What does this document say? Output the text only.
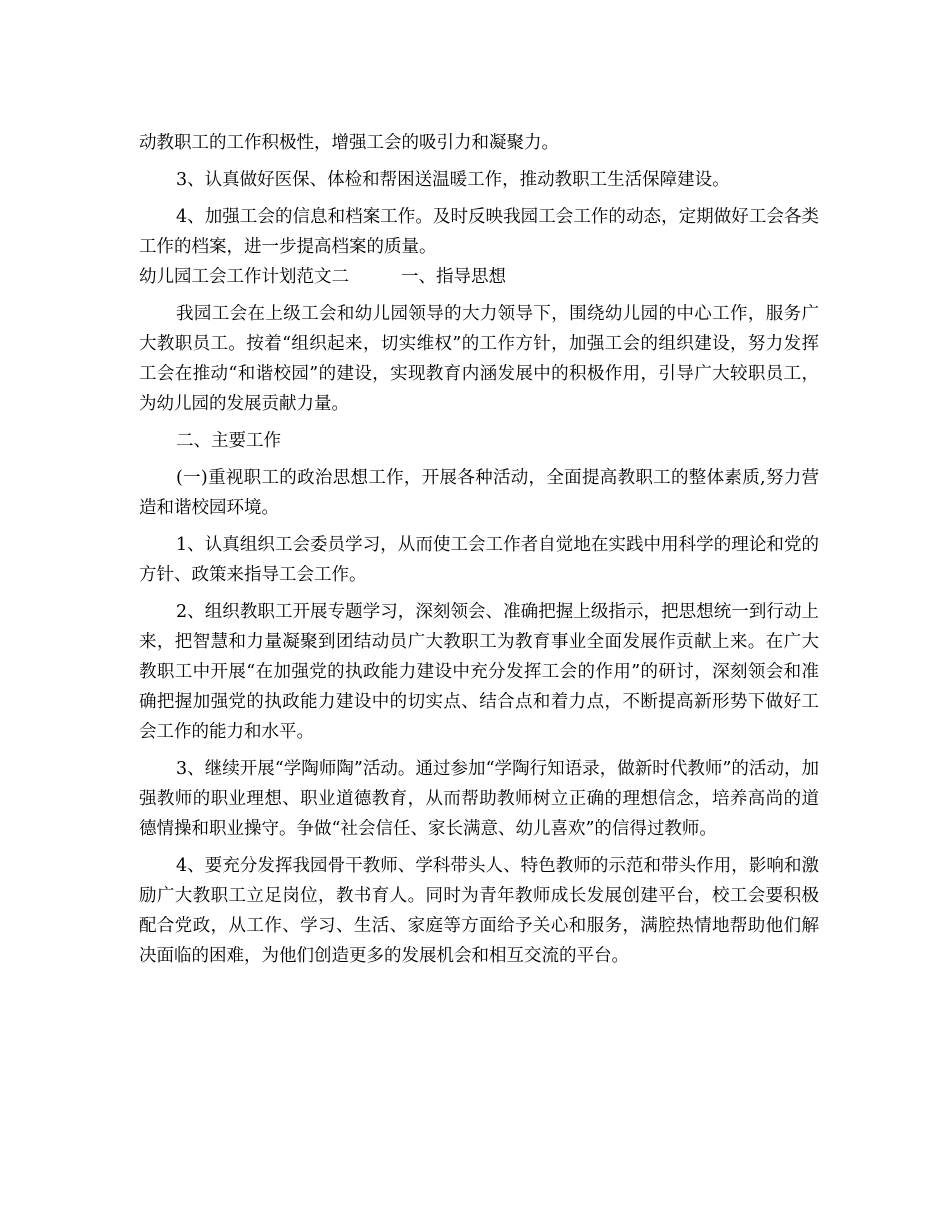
动教职工的工作积极性，增强工会的吸引力和凝聚力。

3、认真做好医保、体检和帮困送温暖工作，推动教职工生活保障建设。

4、加强工会的信息和档案工作。及时反映我园工会工作的动态，定期做好工会各类工作的档案，进一步提高档案的质量。

幼儿园工会工作计划范文二	一、指导思想

我园工会在上级工会和幼儿园领导的大力领导下，围绕幼儿园的中心工作，服务广大教职员工。按着“组织起来，切实维权”的工作方针，加强工会的组织建设，努力发挥工会在推动“和谐校园”的建设，实现教育内涵发展中的积极作用，引导广大较职员工，为幼儿园的发展贡献力量。

二、主要工作

(一)重视职工的政治思想工作，开展各种活动，全面提高教职工的整体素质,努力营造和谐校园环境。

1、认真组织工会委员学习，从而使工会工作者自觉地在实践中用科学的理论和党的方针、政策来指导工会工作。

2、组织教职工开展专题学习，深刻领会、准确把握上级指示，把思想统一到行动上来，把智慧和力量凝聚到团结动员广大教职工为教育事业全面发展作贡献上来。在广大教职工中开展“在加强党的执政能力建设中充分发挥工会的作用”的研讨，深刻领会和准确把握加强党的执政能力建设中的切实点、结合点和着力点，不断提高新形势下做好工会工作的能力和水平。

3、继续开展“学陶师陶”活动。通过参加“学陶行知语录，做新时代教师”的活动，加强教师的职业理想、职业道德教育，从而帮助教师树立正确的理想信念，培养高尚的道德情操和职业操守。争做“社会信任、家长满意、幼儿喜欢”的信得过教师。

4、要充分发挥我园骨干教师、学科带头人、特色教师的示范和带头作用，影响和激励广大教职工立足岗位，教书育人。同时为青年教师成长发展创建平台，校工会要积极配合党政，从工作、学习、生活、家庭等方面给予关心和服务，满腔热情地帮助他们解决面临的困难，为他们创造更多的发展机会和相互交流的平台。
